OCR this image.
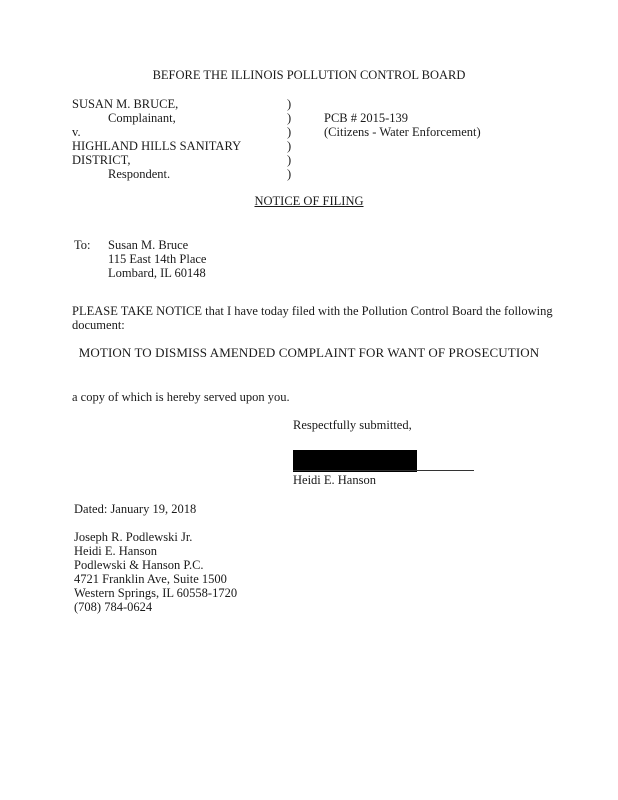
BEFORE THE ILLINOIS POLLUTION CONTROL BOARD
SUSAN M. BRUCE,
Complainant,
v.
HIGHLAND HILLS SANITARY
DISTRICT,
Respondent.
)
)
)
)
)
)
PCB # 2015-139
(Citizens - Water Enforcement)
NOTICE OF FILING
To: Susan M. Bruce
115 East 14th Place
Lombard, IL 60148
PLEASE TAKE NOTICE that I have today filed with the Pollution Control Board the following
document:
MOTION TO DISMISS AMENDED COMPLAINT FOR WANT OF PROSECUTION
a copy of which is hereby served upon you.
Respectfully submitted,
Heidi E. Hanson
Dated: January 19, 2018
Joseph R. Podlewski Jr.
Heidi E. Hanson
Podlewski & Hanson P.C.
4721 Franklin Ave, Suite 1500
Western Springs, IL 60558-1720
(708) 784-0624
